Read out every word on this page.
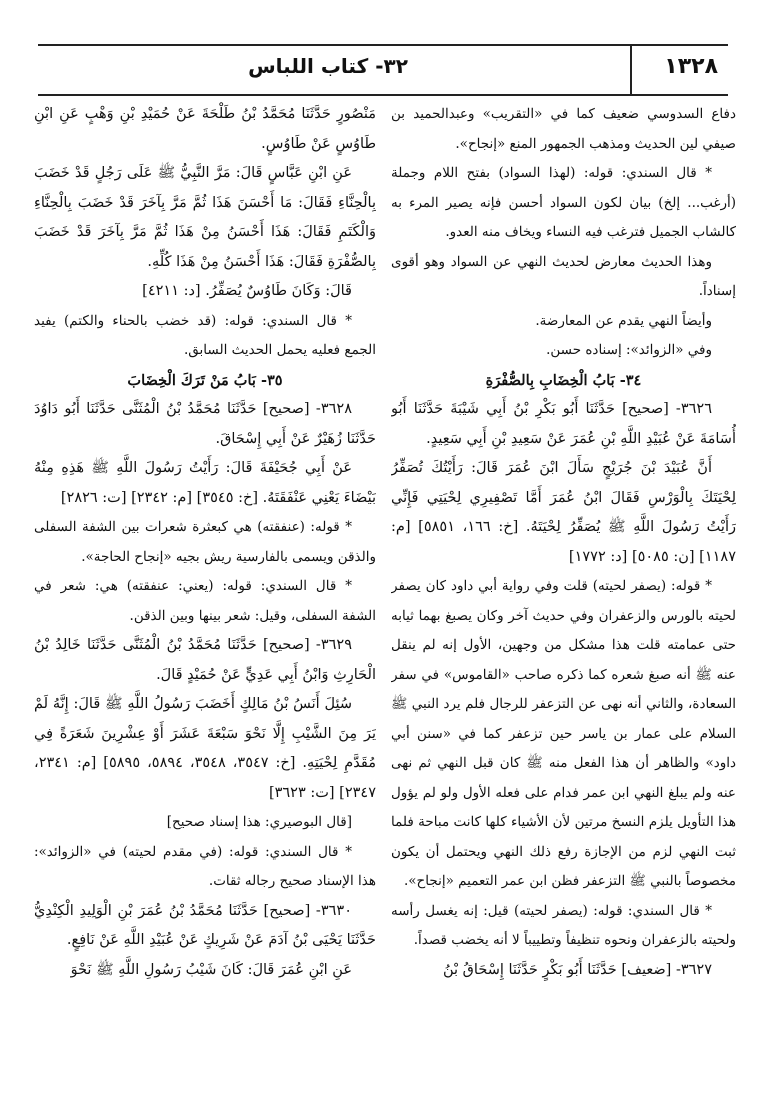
١٣٢٨
٣٢- كتاب اللباس

دفاع السدوسي ضعيف كما في «التقريب» وعبدالحميد بن صيفي لين الحديث ومذهب الجمهور المنع «إنجاح».

* قال السندي: قوله: (لهذا السواد) بفتح اللام وجملة (أرغب... إلخ) بيان لكون السواد أحسن فإنه يصير المرء به كالشاب الجميل فترغب فيه النساء ويخاف منه العدو.

وهذا الحديث معارض لحديث النهي عن السواد وهو أقوى إسناداً.

وأيضاً النهي يقدم عن المعارضة.

وفي «الزوائد»: إسناده حسن.

٣٤- بَابُ الْخِضَابِ بِالصُّفْرَةِ

٣٦٢٦- [صحيح] حَدَّثَنَا أَبُو بَكْرِ بْنُ أَبِي شَيْبَةَ حَدَّثَنَا أَبُو أُسَامَةَ عَنْ عُبَيْدِ اللَّهِ بْنِ عُمَرَ عَنْ سَعِيدِ بْنِ أَبِي سَعِيدٍ.

أَنَّ عُبَيْدَ بْنَ جُرَيْجٍ سَأَلَ ابْنَ عُمَرَ قَالَ: رَأَيْتُكَ تُصَفِّرُ لِحْيَتَكَ بِالْوَرْسِ فَقَالَ ابْنُ عُمَرَ أَمَّا تَصْفِيرِي لِحْيَتِي فَإِنِّي رَأَيْتُ رَسُولَ اللَّهِ ﷺ يُصَفِّرُ لِحْيَتَهُ. [خ: ١٦٦، ٥٨٥١] [م: ١١٨٧] [ن: ٥٠٨٥] [د: ١٧٧٢]

* قوله: (يصفر لحيته) قلت وفي رواية أبي داود كان يصفر لحيته بالورس والزعفران وفي حديث آخر وكان يصبغ بهما ثيابه حتى عمامته قلت هذا مشكل من وجهين، الأول إنه لم ينقل عنه ﷺ أنه صبغ شعره كما ذكره صاحب «القاموس» في سفر السعادة، والثاني أنه نهى عن التزعفر للرجال فلم يرد النبي ﷺ السلام على عمار بن ياسر حين تزعفر كما في «سنن أبي داود» والظاهر أن هذا الفعل منه ﷺ كان قبل النهي ثم نهى عنه ولم يبلغ النهي ابن عمر فدام على فعله الأول ولو لم يؤول هذا التأويل يلزم النسخ مرتين لأن الأشياء كلها كانت مباحة فلما ثبت النهي لزم من الإجازة رفع ذلك النهي ويحتمل أن يكون مخصوصاً بالنبي ﷺ التزعفر فظن ابن عمر التعميم «إنجاح».

* قال السندي: قوله: (يصفر لحيته) قيل: إنه يغسل رأسه ولحيته بالزعفران ونحوه تنظيفاً وتطييباً لا أنه يخضب قصداً.

٣٦٢٧- [ضعيف] حَدَّثَنَا أَبُو بَكْرٍ حَدَّثَنَا إِسْحَاقُ بْنُ

مَنْصُورٍ حَدَّثَنَا مُحَمَّدُ بْنُ طَلْحَةَ عَنْ حُمَيْدِ بْنِ وَهْبٍ عَنِ ابْنِ طَاوُسٍ عَنْ طَاوُسٍ.

عَنِ ابْنِ عَبَّاسٍ قَالَ: مَرَّ النَّبِيُّ ﷺ عَلَى رَجُلٍ قَدْ خَضَبَ بِالْحِنَّاءِ فَقَالَ: مَا أَحْسَنَ هَذَا ثُمَّ مَرَّ بِآخَرَ قَدْ خَضَبَ بِالْحِنَّاءِ وَالْكَتَمِ فَقَالَ: هَذَا أَحْسَنُ مِنْ هَذَا ثُمَّ مَرَّ بِآخَرَ قَدْ خَضَبَ بِالصُّفْرَةِ فَقَالَ: هَذَا أَحْسَنُ مِنْ هَذَا كُلِّهِ.

قَالَ: وَكَانَ طَاوُسٌ يُصَفِّرُ. [د: ٤٢١١]

* قال السندي: قوله: (قد خضب بالحناء والكتم) يفيد الجمع فعليه يحمل الحديث السابق.

٣٥- بَابُ مَنْ تَرَكَ الْخِضَابَ

٣٦٢٨- [صحيح] حَدَّثَنَا مُحَمَّدُ بْنُ الْمُثَنَّى حَدَّثَنَا أَبُو دَاوُدَ حَدَّثَنَا زُهَيْرٌ عَنْ أَبِي إِسْحَاقَ.

عَنْ أَبِي جُحَيْفَةَ قَالَ: رَأَيْتُ رَسُولَ اللَّهِ ﷺ هَذِهِ مِنْهُ بَيْضَاءَ يَعْنِي عَنْفَقَتَهُ. [خ: ٣٥٤٥] [م: ٢٣٤٢] [ت: ٢٨٢٦]

* قوله: (عنفقته) هي كبعثرة شعرات بين الشفة السفلى والذقن ويسمى بالفارسية ريش بجيه «إنجاح الحاجة».

* قال السندي: قوله: (يعني: عنفقته) هي: شعر في الشفة السفلى، وقيل: شعر بينها وبين الذقن.

٣٦٢٩- [صحيح] حَدَّثَنَا مُحَمَّدُ بْنُ الْمُثَنَّى حَدَّثَنَا خَالِدُ بْنُ الْحَارِثِ وَابْنُ أَبِي عَدِيٍّ عَنْ حُمَيْدٍ قَالَ.

سُئِلَ أَنَسُ بْنُ مَالِكٍ أَخَضَبَ رَسُولُ اللَّهِ ﷺ قَالَ: إِنَّهُ لَمْ يَرَ مِنَ الشَّيْبِ إِلَّا نَحْوَ سَبْعَةَ عَشَرَ أَوْ عِشْرِينَ شَعَرَةً فِي مُقَدَّمِ لِحْيَتِهِ. [خ: ٣٥٤٧، ٣٥٤٨، ٥٨٩٤، ٥٨٩٥] [م: ٢٣٤١، ٢٣٤٧] [ت: ٣٦٢٣]

[قال البوصيري: هذا إسناد صحيح]

* قال السندي: قوله: (في مقدم لحيته) في «الزوائد»: هذا الإسناد صحيح رجاله ثقات.

٣٦٣٠- [صحيح] حَدَّثَنَا مُحَمَّدُ بْنُ عُمَرَ بْنِ الْوَلِيدِ الْكِنْدِيُّ حَدَّثَنَا يَحْيَى بْنُ آدَمَ عَنْ شَرِيكٍ عَنْ عُبَيْدِ اللَّهِ عَنْ نَافِعٍ.

عَنِ ابْنِ عُمَرَ قَالَ: كَانَ شَيْبُ رَسُولِ اللَّهِ ﷺ نَحْوَ
